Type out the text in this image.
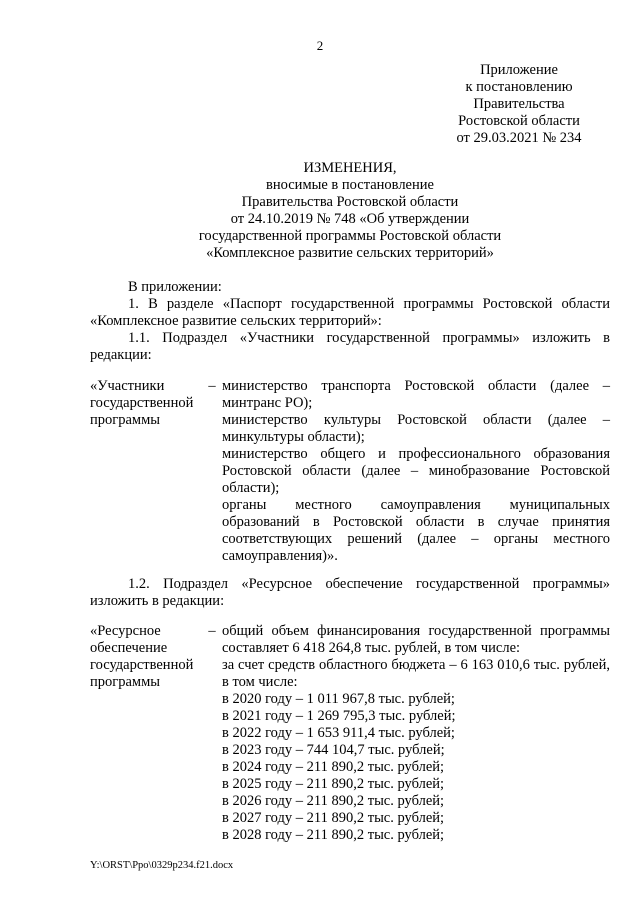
2
Приложение
к постановлению
Правительства
Ростовской области
от 29.03.2021 № 234
ИЗМЕНЕНИЯ,
вносимые в постановление
Правительства Ростовской области
от 24.10.2019 № 748 «Об утверждении
государственной программы Ростовской области
«Комплексное развитие сельских территорий»
В приложении:
1. В разделе «Паспорт государственной программы Ростовской области «Комплексное развитие сельских территорий»:
1.1. Подраздел «Участники государственной программы» изложить в редакции:
«Участники
государственной
программы
– министерство транспорта Ростовской области (далее – минтранс РО);

министерство культуры Ростовской области (далее – минкультуры области);

министерство общего и профессионального образования Ростовской области (далее – минобразование Ростовской области);

органы местного самоуправления муниципальных образований в Ростовской области в случае принятия соответствующих решений (далее – органы местного самоуправления)».

1.2. Подраздел «Ресурсное обеспечение государственной программы» изложить в редакции:
«Ресурсное
обеспечение
государственной
программы
– общий объем финансирования государственной программы составляет 6 418 264,8 тыс. рублей, в том числе:

за счет средств областного бюджета – 6 163 010,6 тыс. рублей, в том числе:

в 2020 году – 1 011 967,8 тыс. рублей;
в 2021 году – 1 269 795,3 тыс. рублей;
в 2022 году – 1 653 911,4 тыс. рублей;
в 2023 году – 744 104,7 тыс. рублей;
в 2024 году – 211 890,2 тыс. рублей;
в 2025 году – 211 890,2 тыс. рублей;
в 2026 году – 211 890,2 тыс. рублей;
в 2027 году – 211 890,2 тыс. рублей;
в 2028 году – 211 890,2 тыс. рублей;
Y:\ORST\Ppo\0329p234.f21.docx
